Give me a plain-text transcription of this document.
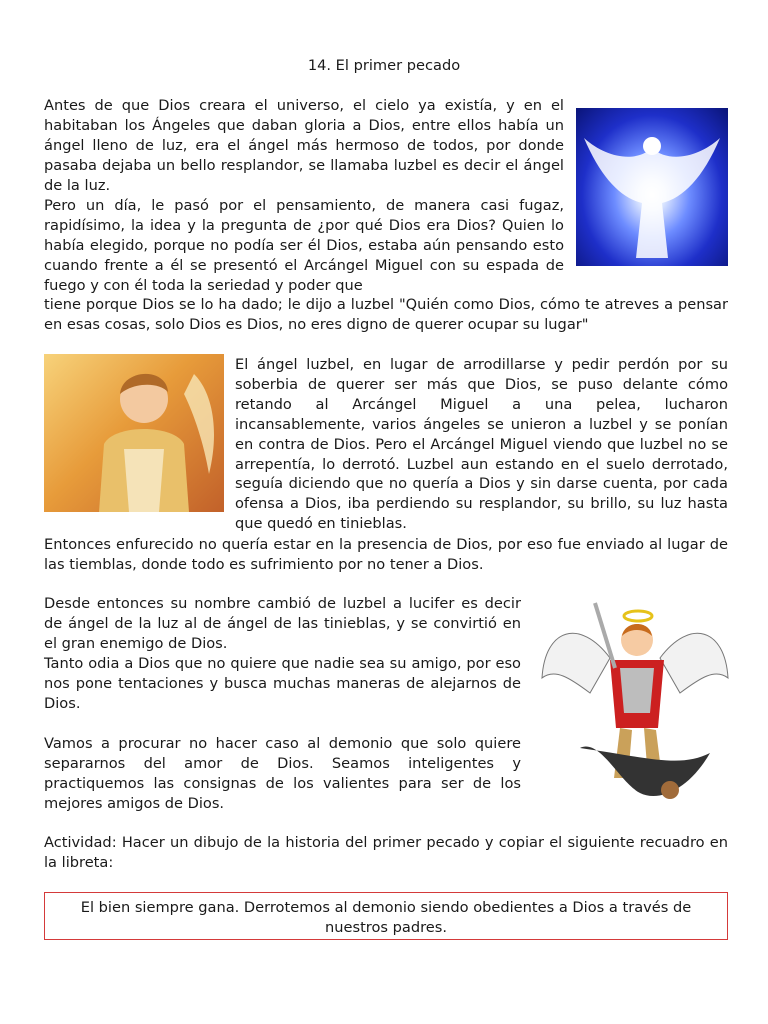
14. El primer pecado

Antes de que Dios creara el universo, el cielo ya existía, y en el habitaban los Ángeles que daban gloria a Dios, entre ellos había un ángel lleno de luz, era el ángel más hermoso de todos, por donde pasaba dejaba un bello resplandor, se llamaba luzbel es decir el ángel de la luz.

Pero un día, le pasó por el pensamiento, de manera casi fugaz, rapidísimo, la idea y la pregunta de ¿por qué Dios era Dios? Quien lo había elegido, porque no podía ser él Dios, estaba aún pensando esto cuando frente a él se presentó el Arcángel Miguel con su espada de fuego y con él toda la seriedad y poder que

tiene porque Dios se lo ha dado; le dijo a luzbel "Quién como Dios, cómo te atreves a pensar en esas cosas, solo Dios es Dios, no eres digno de querer ocupar su lugar"

El ángel luzbel, en lugar de arrodillarse y pedir perdón por su soberbia de querer ser más que Dios, se puso delante cómo retando al Arcángel Miguel a una pelea, lucharon incansablemente, varios ángeles se unieron a luzbel y se ponían en contra de Dios. Pero el Arcángel Miguel viendo que luzbel no se arrepentía, lo derrotó. Luzbel aun estando en el suelo derrotado, seguía diciendo que no quería a Dios y sin darse cuenta, por cada ofensa a Dios, iba perdiendo su resplandor, su brillo, su luz hasta que quedó en tinieblas.

Entonces enfurecido no quería estar en la presencia de Dios, por eso fue enviado al lugar de las tiemblas, donde todo es sufrimiento por no tener a Dios.

Desde entonces su nombre cambió de luzbel a lucifer es decir de ángel de la luz al de ángel de las tinieblas, y se convirtió en el gran enemigo de Dios.

Tanto odia a Dios que no quiere que nadie sea su amigo, por eso nos pone tentaciones y busca muchas maneras de alejarnos de Dios.

Vamos a procurar no hacer caso al demonio que solo quiere separarnos del amor de Dios. Seamos inteligentes y practiquemos las consignas de los valientes para ser de los mejores amigos de Dios.

Actividad: Hacer un dibujo de la historia del primer pecado y copiar el siguiente recuadro en la libreta:

El bien siempre gana. Derrotemos al demonio siendo obedientes a Dios a través de nuestros padres.
